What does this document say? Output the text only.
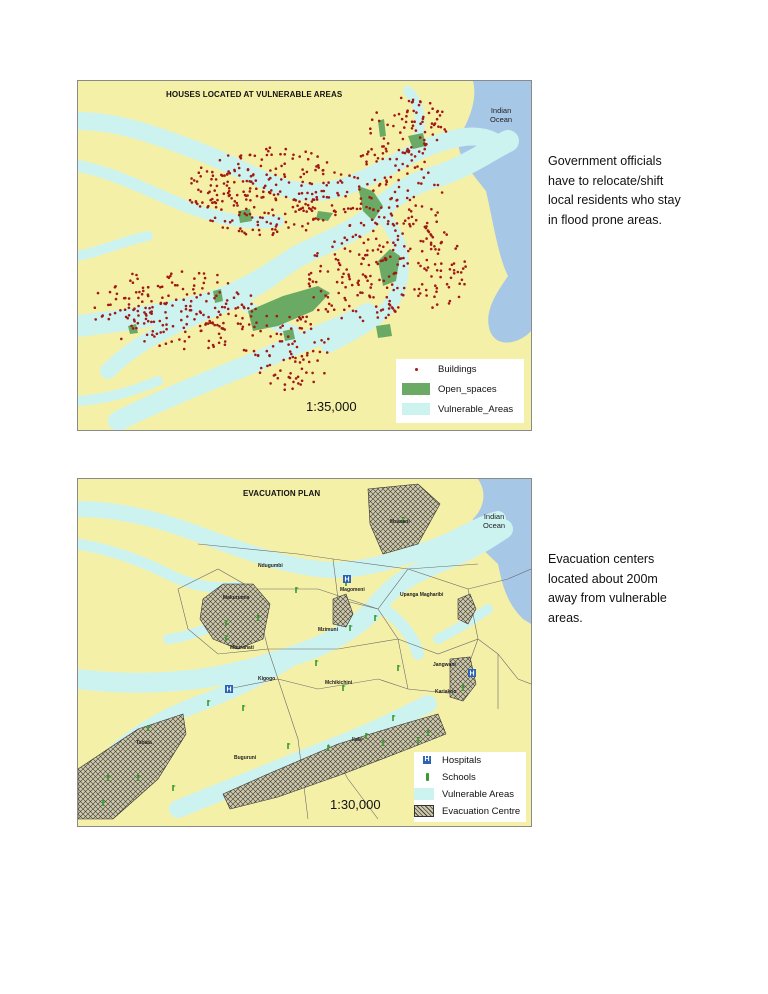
HOUSES LOCATED AT VULNERABLE AREAS
Indian
Ocean
1:35,000
Buildings
Open_spaces
Vulnerable_Areas
Government officials have to relocate/shift local residents who stay in flood prone areas.
H
H
H
EVACUATION PLAN
Indian
Ocean
Ndugumbi
Magomeni
Upanga Magharibi
Makurumla
Mzimuni
Mburahati
Jangwani
Kigogo
Mchikichini
Kariakoo
Tabata
Buguruni
Ilala
Msasani
1:30,000
H Hospitals
Schools
Vulnerable Areas
Evacuation Centre
Evacuation centers located about 200m away from vulnerable areas.
